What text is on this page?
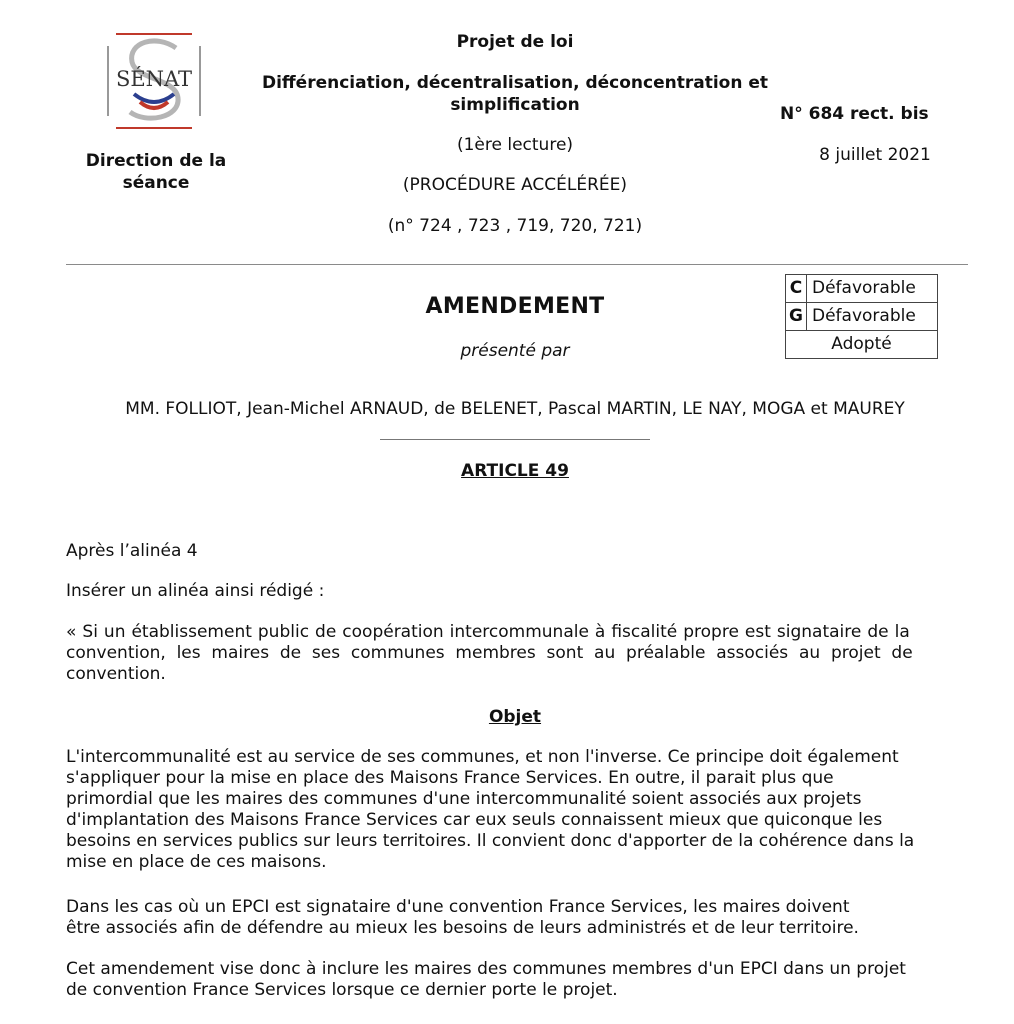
SÉNAT
Direction de la séance
Projet de loi
Différenciation, décentralisation, déconcentration et simplification
(1ère lecture)
(PROCÉDURE ACCÉLÉRÉE)
(n° 724 , 723 , 719, 720, 721)
N° 684 rect. bis
8 juillet 2021
AMENDEMENT
présenté par
C	Défavorable
G	Défavorable
Adopté	
MM. FOLLIOT, Jean-Michel ARNAUD, de BELENET, Pascal MARTIN, LE NAY, MOGA et MAUREY
ARTICLE 49
Après l’alinéa 4
Insérer un alinéa ainsi rédigé :
« Si un établissement public de coopération intercommunale à fiscalité propre est signataire de la
convention, les maires de ses communes membres sont au préalable associés au projet de
convention.
Objet
L'intercommunalité est au service de ses communes, et non l'inverse. Ce principe doit également
s'appliquer pour la mise en place des Maisons France Services. En outre, il parait plus que
primordial que les maires des communes d'une intercommunalité soient associés aux projets
d'implantation des Maisons France Services car eux seuls connaissent mieux que quiconque les
besoins en services publics sur leurs territoires. Il convient donc d'apporter de la cohérence dans la
mise en place de ces maisons.
Dans les cas où un EPCI est signataire d'une convention France Services, les maires doivent
être associés afin de défendre au mieux les besoins de leurs administrés et de leur territoire.
Cet amendement vise donc à inclure les maires des communes membres d'un EPCI dans un projet
de convention France Services lorsque ce dernier porte le projet.
